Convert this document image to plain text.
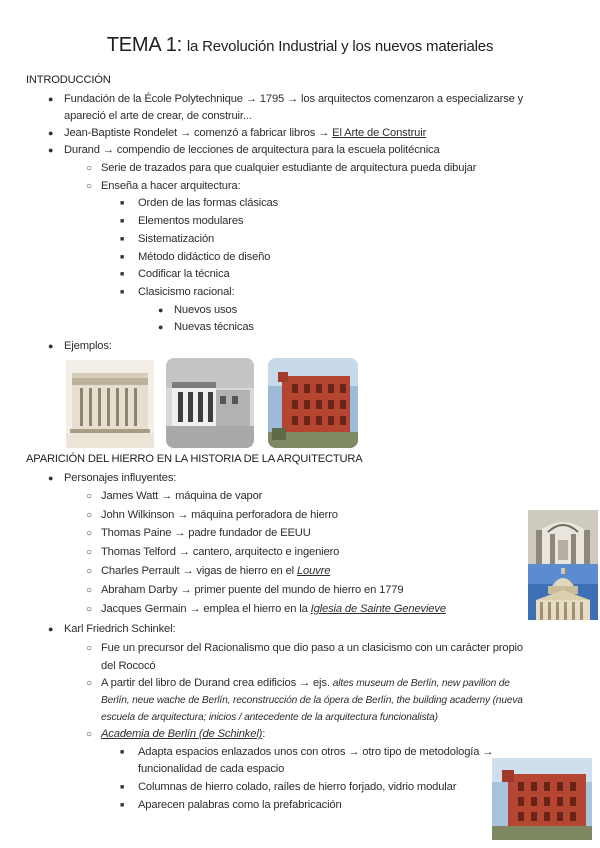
TEMA 1: la Revolución Industrial y los nuevos materiales
INTRODUCCIÓN
● Fundación de la École Polytechnique → 1795 → los arquitectos comenzaron a especializarse y
apareció el arte de crear, de construir...
● Jean-Baptiste Rondelet → comenzó a fabricar libros → El Arte de Construir
● Durand → compendio de lecciones de arquitectura para la escuela politécnica
○ Serie de trazados para que cualquier estudiante de arquitectura pueda dibujar
○ Enseña a hacer arquitectura:
■ Orden de las formas clásicas
■ Elementos modulares
■ Sistematización
■ Método didáctico de diseño
■ Codificar la técnica
■ Clasicismo racional:
● Nuevos usos
● Nuevas técnicas
● Ejemplos:
APARICIÓN DEL HIERRO EN LA HISTORIA DE LA ARQUITECTURA
● Personajes influyentes:
○ James Watt → máquina de vapor
○ John Wilkinson → máquina perforadora de hierro
○ Thomas Paine → padre fundador de EEUU
○ Thomas Telford → cantero, arquitecto e ingeniero
○ Charles Perrault → vigas de hierro en el Louvre
○ Abraham Darby → primer puente del mundo de hierro en 1779
○ Jacques Germain → emplea el hierro en la Iglesia de Sainte Genevieve
● Karl Friedrich Schinkel:
○ Fue un precursor del Racionalismo que dio paso a un clasicismo con un carácter propio
del Rococó
○ A partir del libro de Durand crea edificios → ejs. altes museum de Berlín, new pavilion de
Berlín, neue wache de Berlín, reconstrucción de la ópera de Berlín, the building academy (nueva
escuela de arquitectura; inicios / antecedente de la arquitectura funcionalista)
○ Academia de Berlín (de Schinkel):
■ Adapta espacios enlazados unos con otros → otro tipo de metodología →
funcionalidad de cada espacio
■ Columnas de hierro colado, raíles de hierro forjado, vidrio modular
■ Aparecen palabras como la prefabricación
